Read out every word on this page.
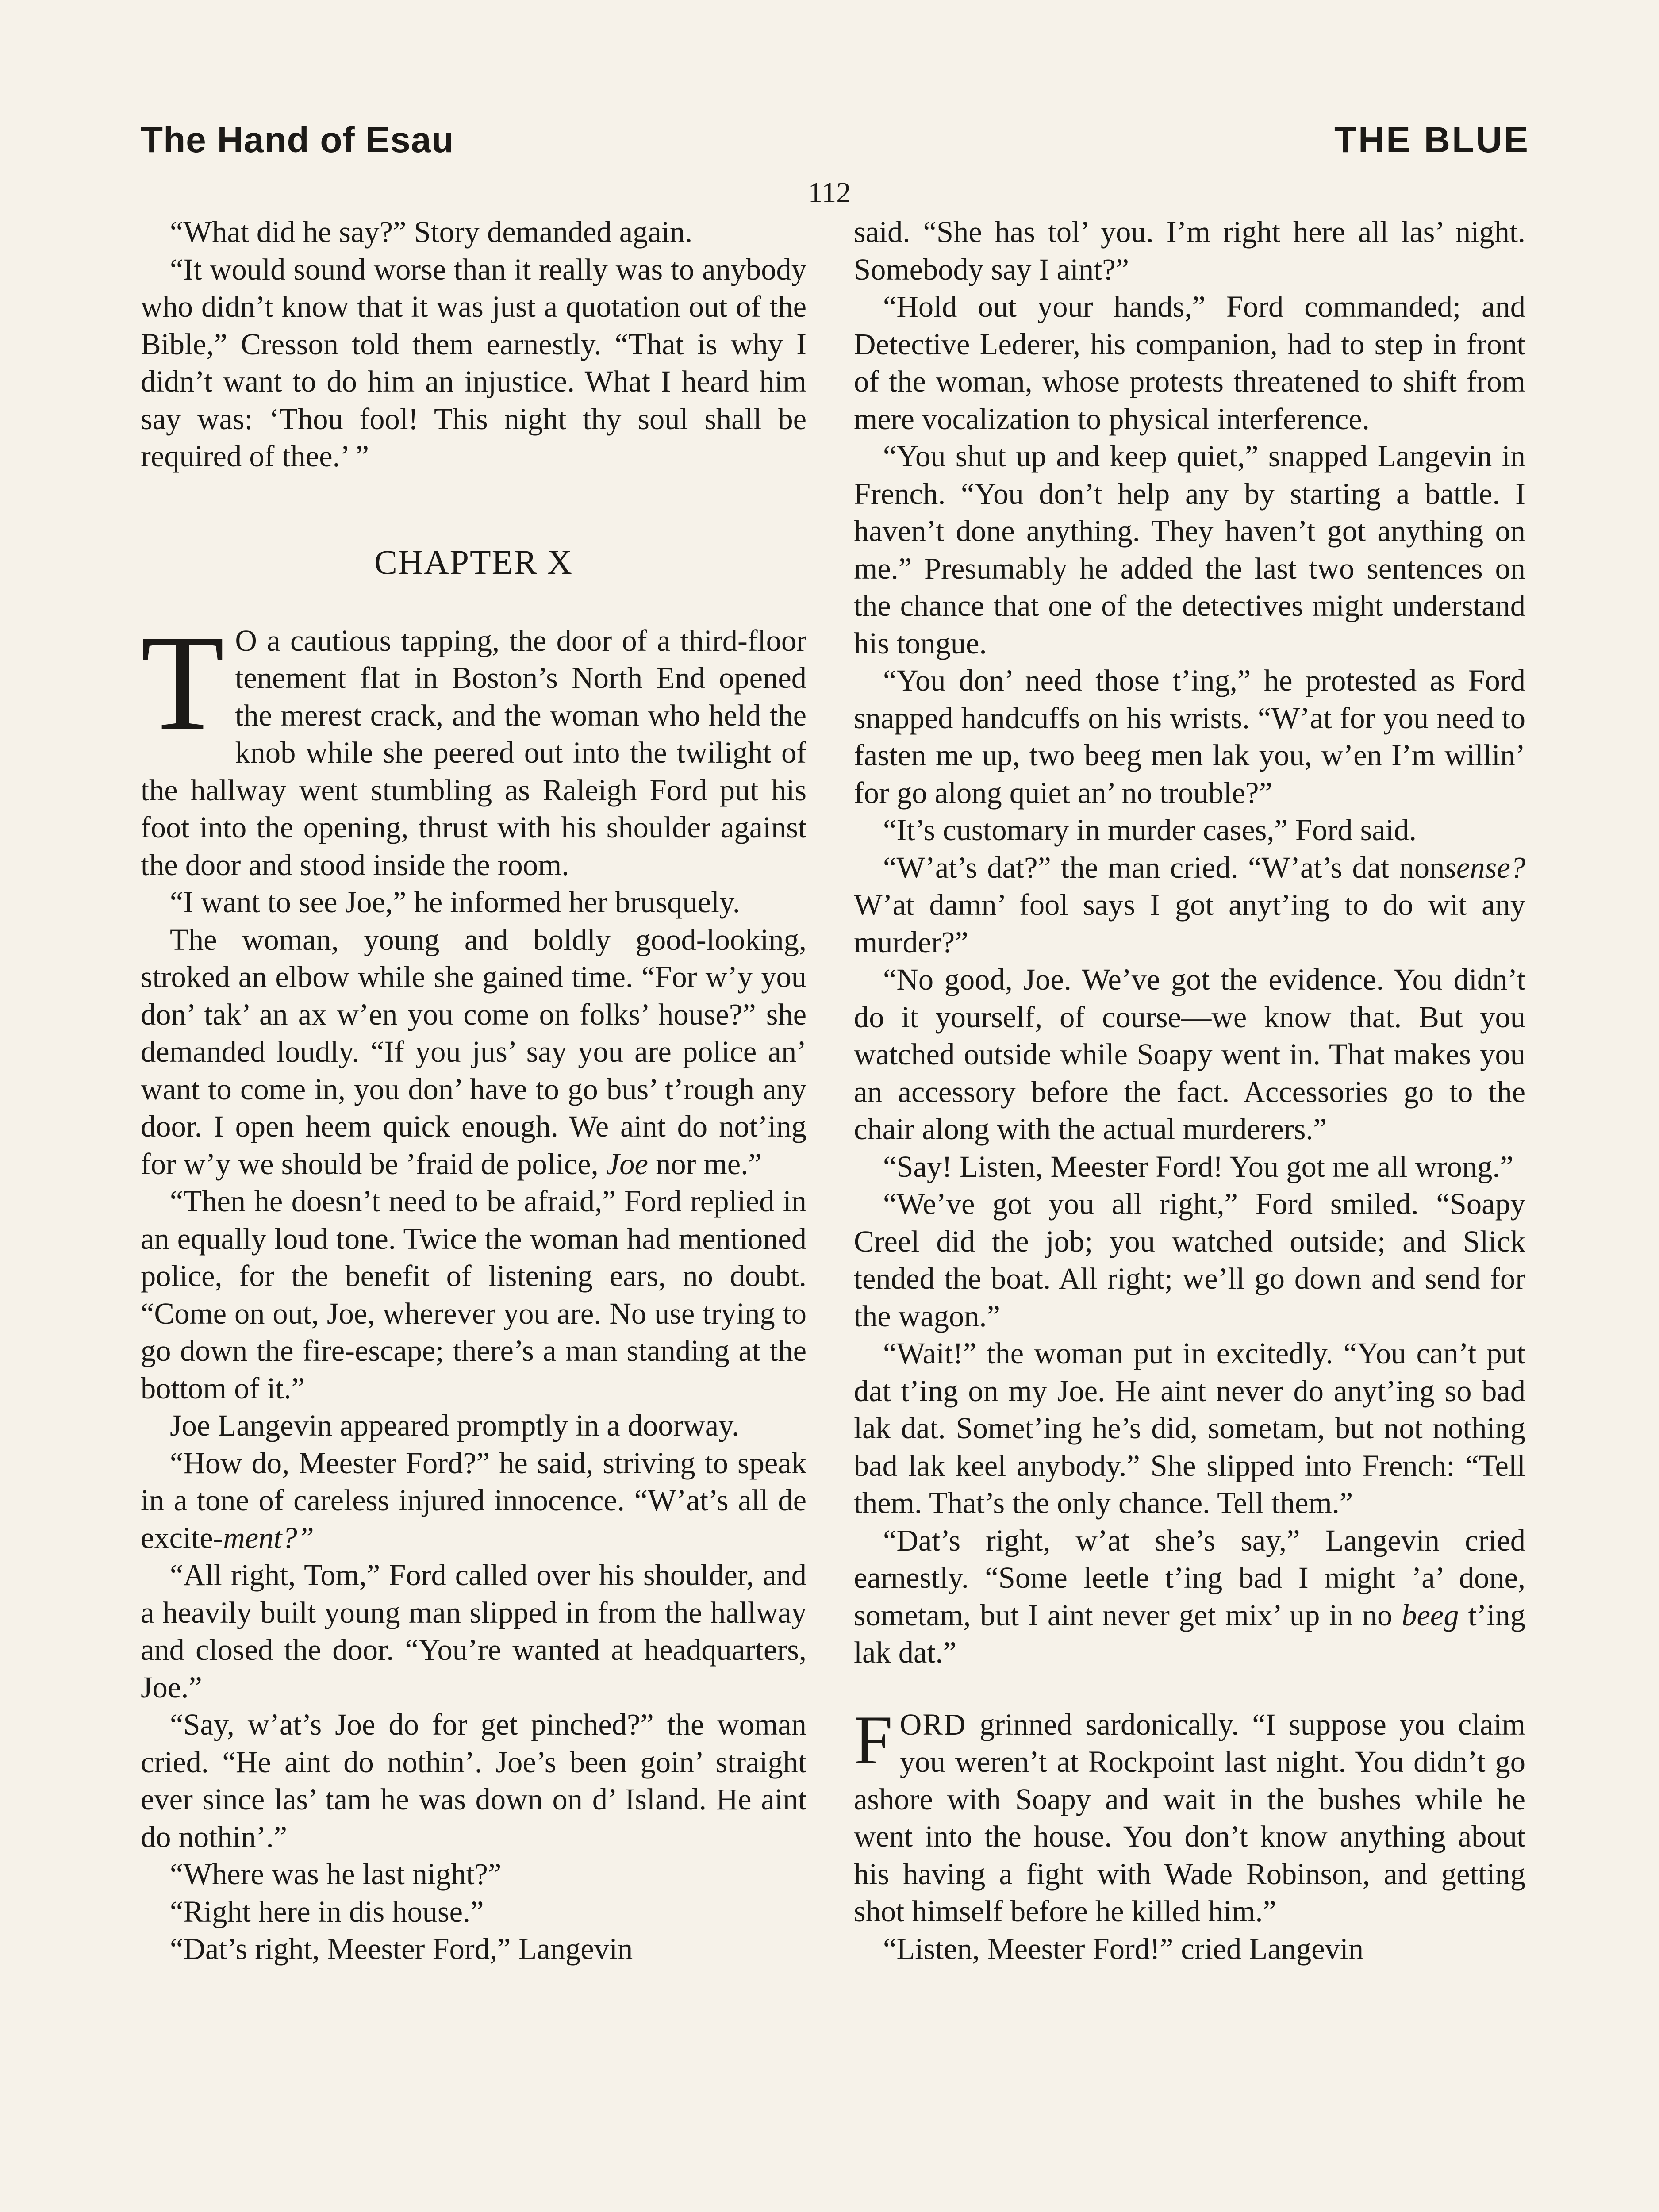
The Hand of Esau	THE BLUE
112

“What did he say?” Story demanded again.

“It would sound worse than it really was to anybody who didn’t know that it was just a quotation out of the Bible,” Cresson told them earnestly. “That is why I didn’t want to do him an injustice. What I heard him say was: ‘Thou fool! This night thy soul shall be required of thee.’ ”

CHAPTER X

T O a cautious tapping, the door of a third-floor tenement flat in Boston’s North End opened the merest crack, and the woman who held the knob while she peered out into the twilight of the hallway went stumbling as Raleigh Ford put his foot into the opening, thrust with his shoulder against the door and stood inside the room.

“I want to see Joe,” he informed her brusquely.

The woman, young and boldly good-looking, stroked an elbow while she gained time. “For w’y you don’ tak’ an ax w’en you come on folks’ house?” she demanded loudly. “If you jus’ say you are police an’ want to come in, you don’ have to go bus’ t’rough any door. I open heem quick enough. We aint do not’ing for w’y we should be ’fraid de police, Joe nor me.”

“Then he doesn’t need to be afraid,” Ford replied in an equally loud tone. Twice the woman had mentioned police, for the benefit of listening ears, no doubt. “Come on out, Joe, wherever you are. No use trying to go down the fire-escape; there’s a man standing at the bottom of it.”

Joe Langevin appeared promptly in a doorway.

“How do, Meester Ford?” he said, striving to speak in a tone of careless injured innocence. “W’at’s all de excite-ment?”

“All right, Tom,” Ford called over his shoulder, and a heavily built young man slipped in from the hallway and closed the door. “You’re wanted at headquarters, Joe.”

“Say, w’at’s Joe do for get pinched?” the woman cried. “He aint do nothin’. Joe’s been goin’ straight ever since las’ tam he was down on d’ Island. He aint do nothin’.”

“Where was he last night?”

“Right here in dis house.”

“Dat’s right, Meester Ford,” Langevin

said. “She has tol’ you. I’m right here all las’ night. Somebody say I aint?”

“Hold out your hands,” Ford commanded; and Detective Lederer, his companion, had to step in front of the woman, whose protests threatened to shift from mere vocalization to physical interference.

“You shut up and keep quiet,” snapped Langevin in French. “You don’t help any by starting a battle. I haven’t done anything. They haven’t got anything on me.” Presumably he added the last two sentences on the chance that one of the detectives might understand his tongue.

“You don’ need those t’ing,” he protested as Ford snapped handcuffs on his wrists. “W’at for you need to fasten me up, two beeg men lak you, w’en I’m willin’ for go along quiet an’ no trouble?”

“It’s customary in murder cases,” Ford said.

“W’at’s dat?” the man cried. “W’at’s dat nonsense? W’at damn’ fool says I got anyt’ing to do wit any murder?”

“No good, Joe. We’ve got the evidence. You didn’t do it yourself, of course—we know that. But you watched outside while Soapy went in. That makes you an accessory before the fact. Accessories go to the chair along with the actual murderers.”

“Say! Listen, Meester Ford! You got me all wrong.”

“We’ve got you all right,” Ford smiled. “Soapy Creel did the job; you watched outside; and Slick tended the boat. All right; we’ll go down and send for the wagon.”

“Wait!” the woman put in excitedly. “You can’t put dat t’ing on my Joe. He aint never do anyt’ing so bad lak dat. Somet’ing he’s did, sometam, but not nothing bad lak keel anybody.” She slipped into French: “Tell them. That’s the only chance. Tell them.”

“Dat’s right, w’at she’s say,” Langevin cried earnestly. “Some leetle t’ing bad I might ’a’ done, sometam, but I aint never get mix’ up in no beeg t’ing lak dat.”

FORD grinned sardonically. “I suppose you claim you weren’t at Rockpoint last night. You didn’t go ashore with Soapy and wait in the bushes while he went into the house. You don’t know anything about his having a fight with Wade Robinson, and getting shot himself before he killed him.”

“Listen, Meester Ford!” cried Langevin
